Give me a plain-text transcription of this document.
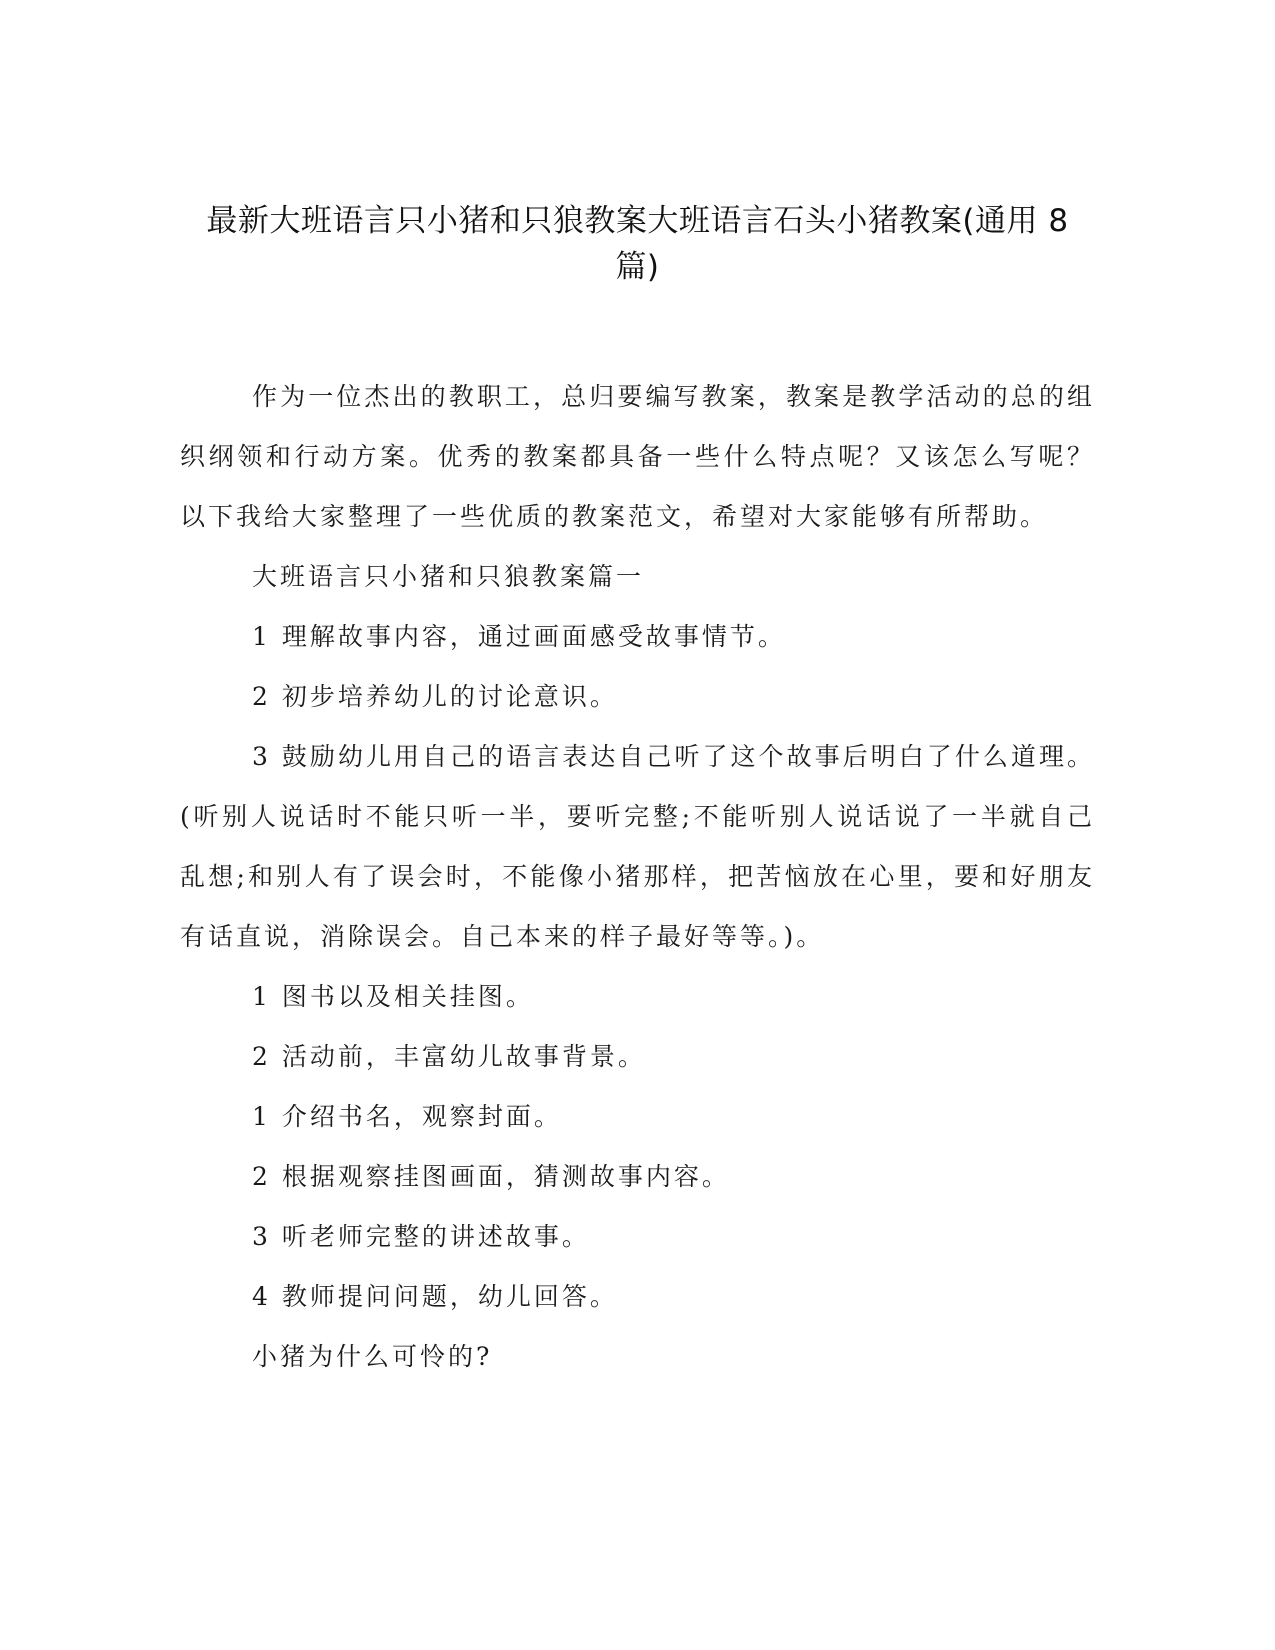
最新大班语言只小猪和只狼教案大班语言石头小猪教案(通用 8 篇)

作为一位杰出的教职工，总归要编写教案，教案是教学活动的总的组织纲领和行动方案。优秀的教案都具备一些什么特点呢？又该怎么写呢？以下我给大家整理了一些优质的教案范文，希望对大家能够有所帮助。

大班语言只小猪和只狼教案篇一

1 理解故事内容，通过画面感受故事情节。

2 初步培养幼儿的讨论意识。

3 鼓励幼儿用自己的语言表达自己听了这个故事后明白了什么道理。(听别人说话时不能只听一半，要听完整;不能听别人说话说了一半就自己乱想;和别人有了误会时，不能像小猪那样，把苦恼放在心里，要和好朋友有话直说，消除误会。自己本来的样子最好等等。)。

1 图书以及相关挂图。

2 活动前，丰富幼儿故事背景。

1 介绍书名，观察封面。

2 根据观察挂图画面，猜测故事内容。

3 听老师完整的讲述故事。

4 教师提问问题，幼儿回答。

小猪为什么可怜的?
